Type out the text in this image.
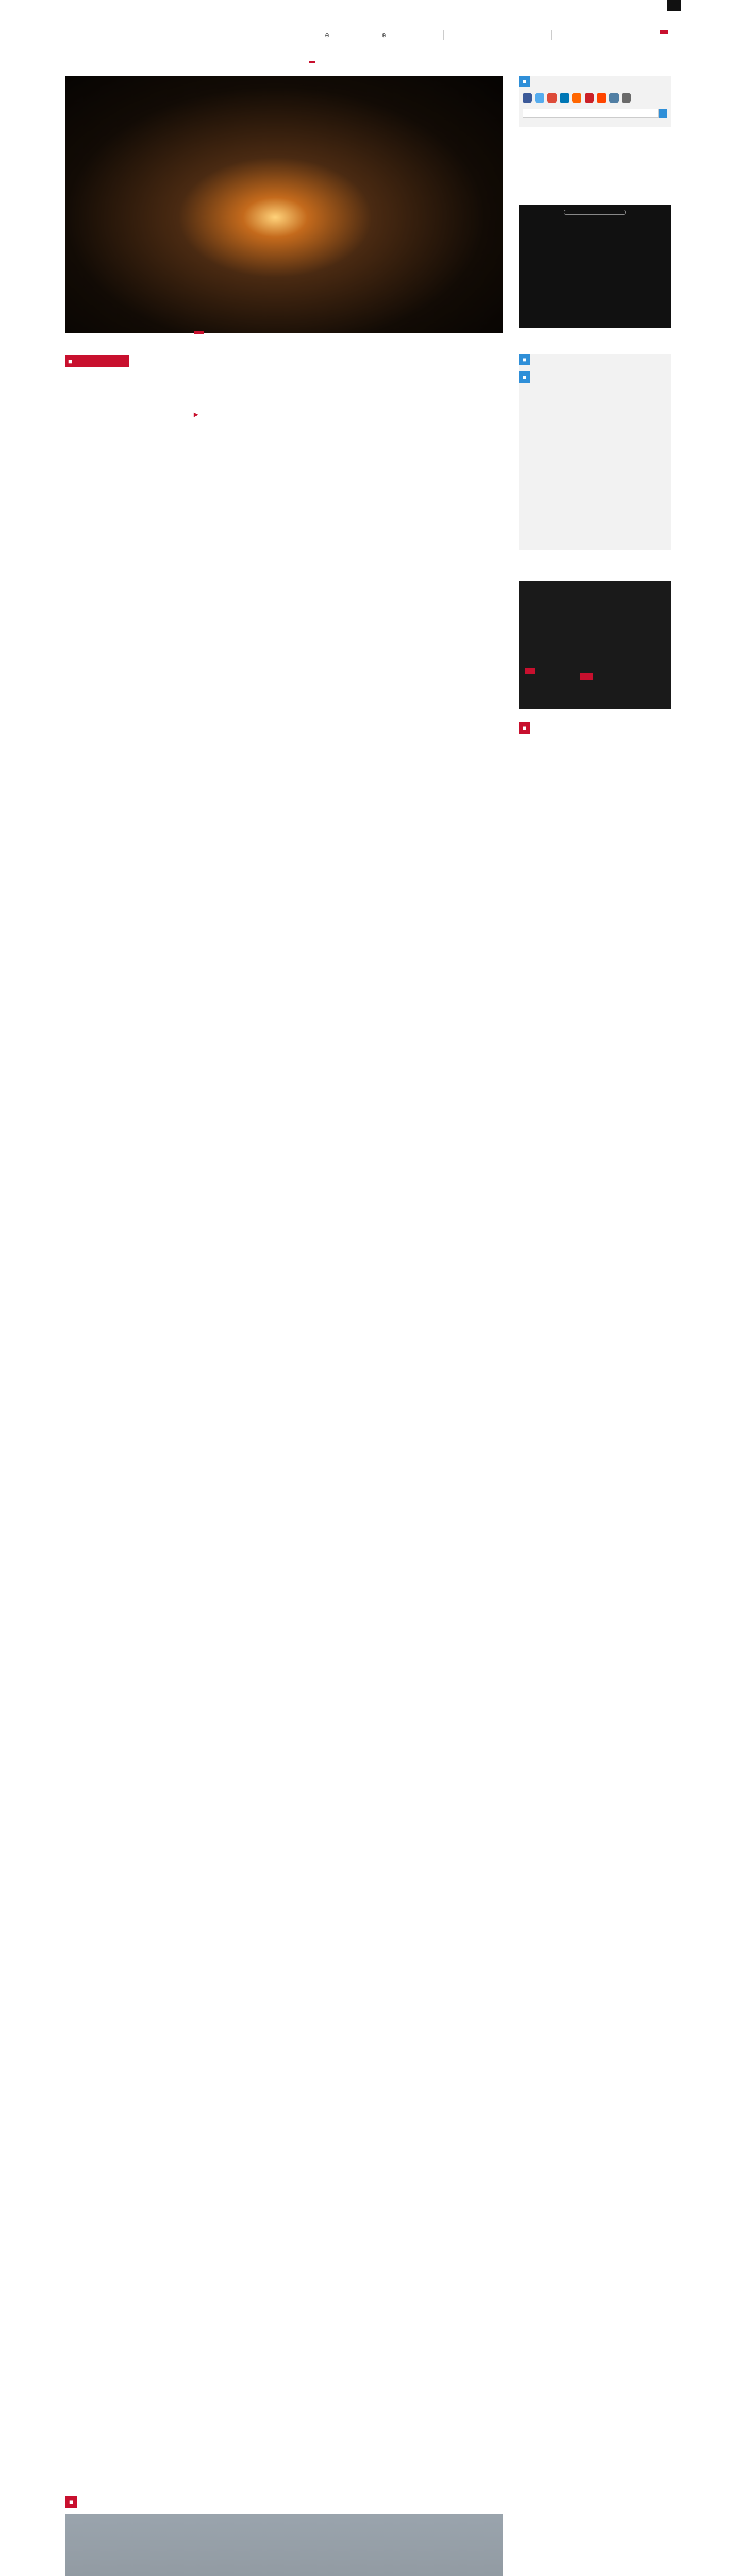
⊕	⊕
▶
■
■

■
■
■
■
